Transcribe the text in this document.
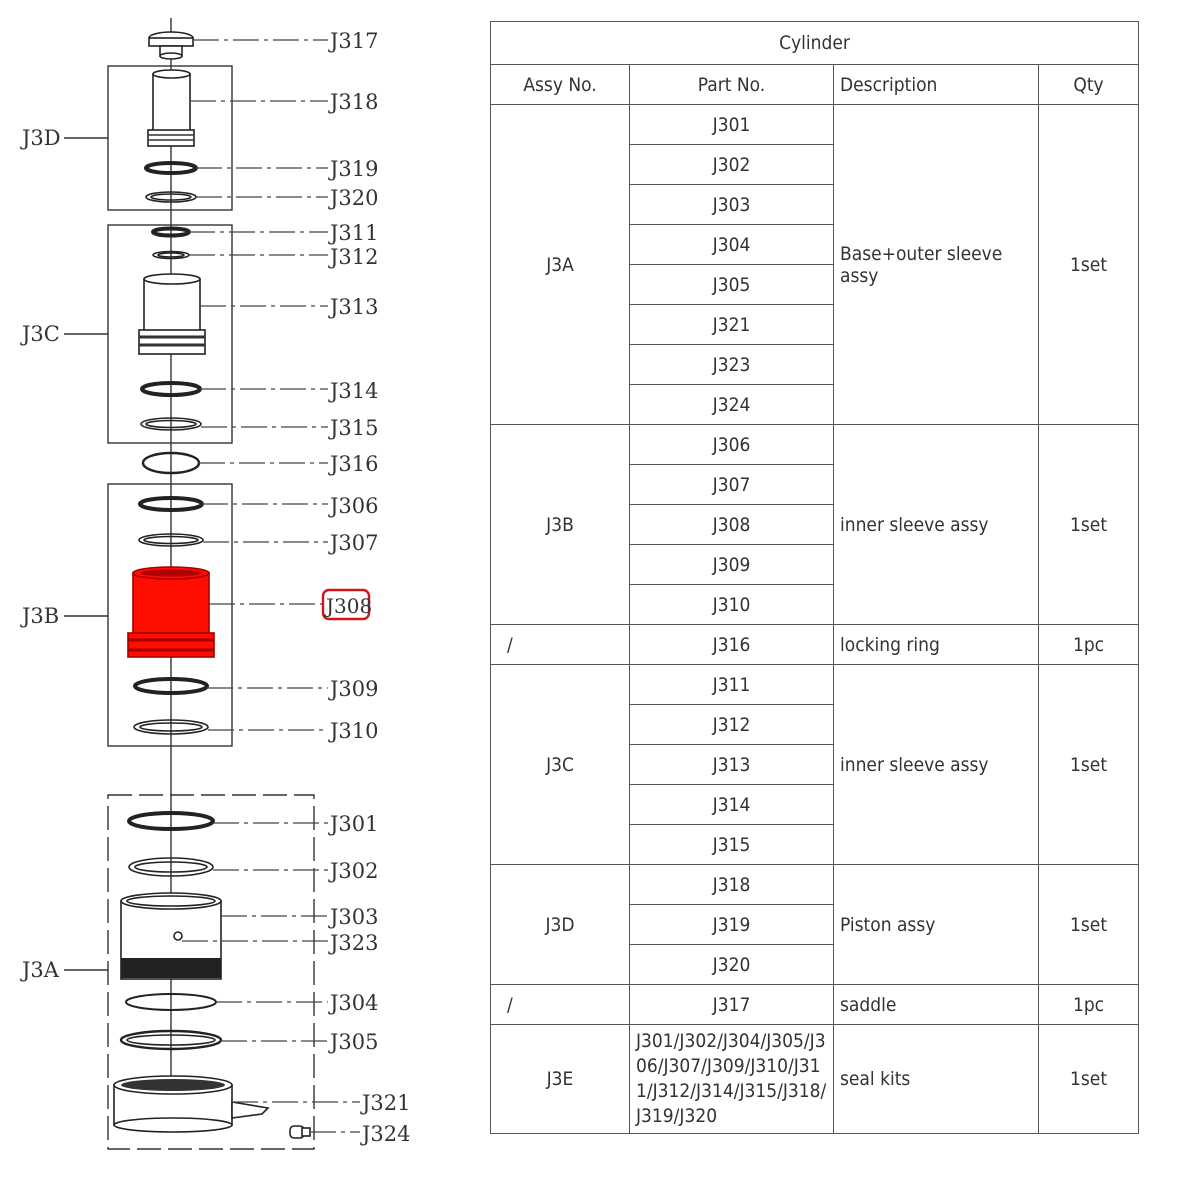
J3D
J3C
J3B
J3A
J317
J318
J319
J320
J311
J312
J313
J314
J315
J316
J306
J307
J308
J309
J310
J301
J302
J303
J323
J304
J305
J321
J324
Cylinder			
Assy No.	Part No.	Description	Qty
J3A	J301	Base+outer sleeve assy	1set
	J302		
	J303		
	J304		
	J305		
	J321		
	J323		
	J324		
J3B	J306	inner sleeve assy	1set
	J307		
	J308		
	J309		
	J310		
/	J316	locking ring	1pc
J3C	J311	inner sleeve assy	1set
	J312		
	J313		
	J314		
	J315		
J3D	J318	Piston assy	1set
	J319		
	J320		
/	J317	saddle	1pc
J3E	J301/J302/J304/J305/J306/J307/J309/J310/J311/J312/J314/J315/J318/J319/J320	seal kits	1set
